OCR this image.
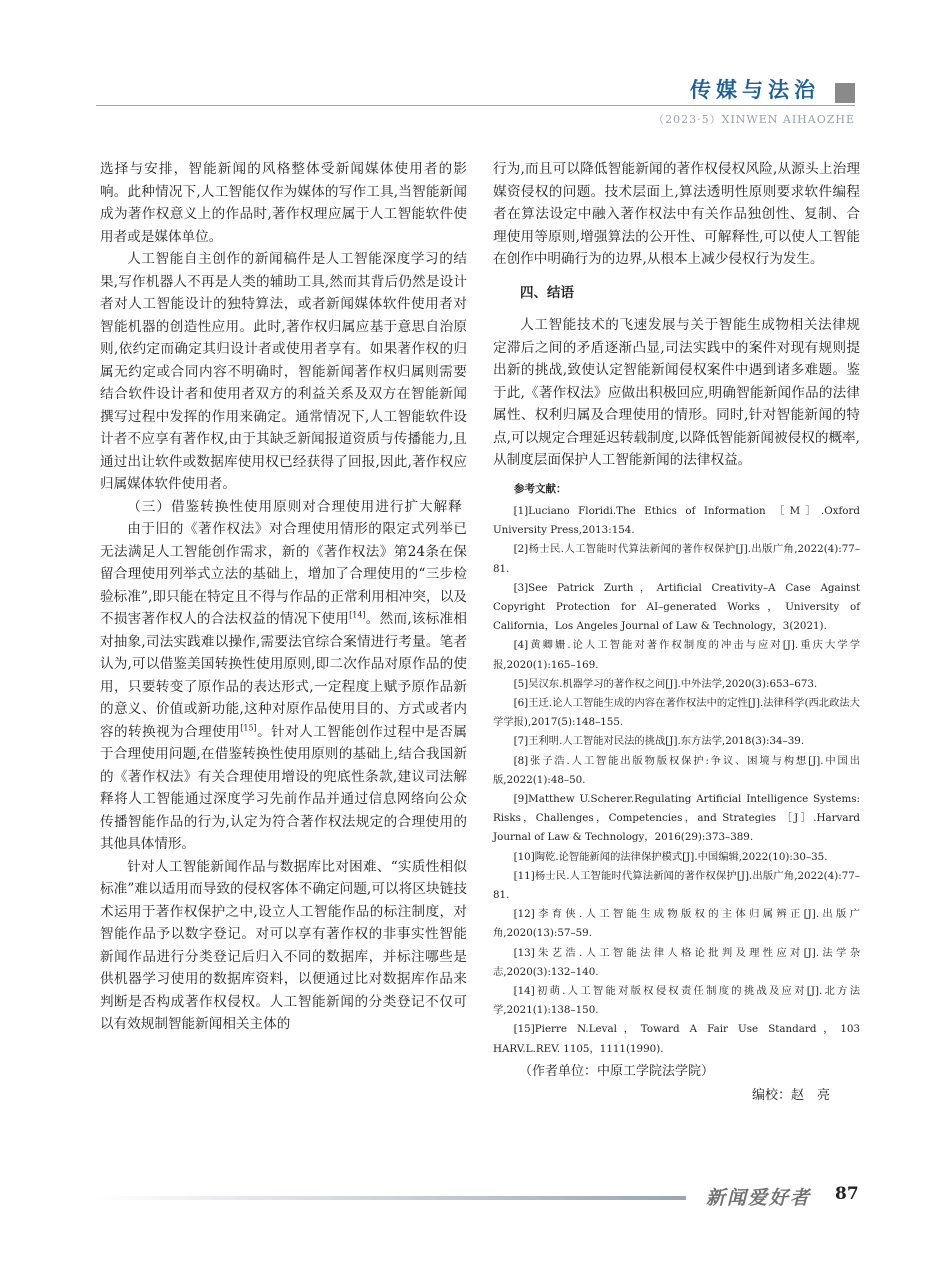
传媒与法治
（2023·5）XINWEN AIHAOZHE

选择与安排，智能新闻的风格整体受新闻媒体使用者的影响。此种情况下,人工智能仅作为媒体的写作工具,当智能新闻成为著作权意义上的作品时,著作权理应属于人工智能软件使用者或是媒体单位。

人工智能自主创作的新闻稿件是人工智能深度学习的结果,写作机器人不再是人类的辅助工具,然而其背后仍然是设计者对人工智能设计的独特算法，或者新闻媒体软件使用者对智能机器的创造性应用。此时,著作权归属应基于意思自治原则,依约定而确定其归设计者或使用者享有。如果著作权的归属无约定或合同内容不明确时，智能新闻著作权归属则需要结合软件设计者和使用者双方的利益关系及双方在智能新闻撰写过程中发挥的作用来确定。通常情况下,人工智能软件设计者不应享有著作权,由于其缺乏新闻报道资质与传播能力,且通过出让软件或数据库使用权已经获得了回报,因此,著作权应归属媒体软件使用者。

（三）借鉴转换性使用原则对合理使用进行扩大解释

由于旧的《著作权法》对合理使用情形的限定式列举已无法满足人工智能创作需求，新的《著作权法》第24条在保留合理使用列举式立法的基础上，增加了合理使用的“三步检验标准”,即只能在特定且不得与作品的正常利用相冲突，以及不损害著作权人的合法权益的情况下使用[14]。然而,该标准相对抽象,司法实践难以操作,需要法官综合案情进行考量。笔者认为,可以借鉴美国转换性使用原则,即二次作品对原作品的使用，只要转变了原作品的表达形式,一定程度上赋予原作品新的意义、价值或新功能,这种对原作品使用目的、方式或者内容的转换视为合理使用[15]。针对人工智能创作过程中是否属于合理使用问题,在借鉴转换性使用原则的基础上,结合我国新的《著作权法》有关合理使用增设的兜底性条款,建议司法解释将人工智能通过深度学习先前作品并通过信息网络向公众传播智能作品的行为,认定为符合著作权法规定的合理使用的其他具体情形。

针对人工智能新闻作品与数据库比对困难、“实质性相似标准”难以适用而导致的侵权客体不确定问题,可以将区块链技术运用于著作权保护之中,设立人工智能作品的标注制度，对智能作品予以数字登记。对可以享有著作权的非事实性智能新闻作品进行分类登记后归入不同的数据库，并标注哪些是供机器学习使用的数据库资料，以便通过比对数据库作品来判断是否构成著作权侵权。人工智能新闻的分类登记不仅可以有效规制智能新闻相关主体的

行为,而且可以降低智能新闻的著作权侵权风险,从源头上治理媒资侵权的问题。技术层面上,算法透明性原则要求软件编程者在算法设定中融入著作权法中有关作品独创性、复制、合理使用等原则,增强算法的公开性、可解释性,可以使人工智能在创作中明确行为的边界,从根本上减少侵权行为发生。

四、结语

人工智能技术的飞速发展与关于智能生成物相关法律规定滞后之间的矛盾逐渐凸显,司法实践中的案件对现有规则提出新的挑战,致使认定智能新闻侵权案件中遇到诸多难题。鉴于此,《著作权法》应做出积极回应,明确智能新闻作品的法律属性、权利归属及合理使用的情形。同时,针对智能新闻的特点,可以规定合理延迟转载制度,以降低智能新闻被侵权的概率,从制度层面保护人工智能新闻的法律权益。

参考文献：

[1]Luciano Floridi.The Ethics of Information ［M］.Oxford University Press,2013:154.

[2]杨士民.人工智能时代算法新闻的著作权保护[J].出版广角,2022(4):77–81.

[3]See Patrick Zurth，Artificial Creativity–A Case Against Copyright Protection for AI–generated Works，University of California，Los Angeles Journal of Law & Technology，3(2021).

[4]黄卿姗.论人工智能对著作权制度的冲击与应对[J].重庆大学学报,2020(1):165–169.

[5]吴汉东.机器学习的著作权之问[J].中外法学,2020(3):653–673.

[6]王迁.论人工智能生成的内容在著作权法中的定性[J].法律科学(西北政法大学学报),2017(5):148–155.

[7]王利明.人工智能对民法的挑战[J].东方法学,2018(3):34–39.

[8]张子浩.人工智能出版物版权保护:争议、困境与构想[J].中国出版,2022(1):48–50.

[9]Matthew U.Scherer.Regulating Artificial Intelligence Systems: Risks，Challenges，Competencies，and Strategies ［J］.Harvard Journal of Law & Technology，2016(29):373–389.

[10]陶乾.论智能新闻的法律保护模式[J].中国编辑,2022(10):30–35.

[11]杨士民.人工智能时代算法新闻的著作权保护[J].出版广角,2022(4):77–81.

[12]李育侠.人工智能生成物版权的主体归属辨正[J].出版广角,2020(13):57–59.

[13]朱艺浩.人工智能法律人格论批判及理性应对[J].法学杂志,2020(3):132–140.

[14]初萌.人工智能对版权侵权责任制度的挑战及应对[J].北方法学,2021(1):138–150.

[15]Pierre N.Leval，Toward A Fair Use Standard，103 HARV.L.REV. 1105，1111(1990).

（作者单位：中原工学院法学院）

编校：赵　亮

新闻爱好者 87
